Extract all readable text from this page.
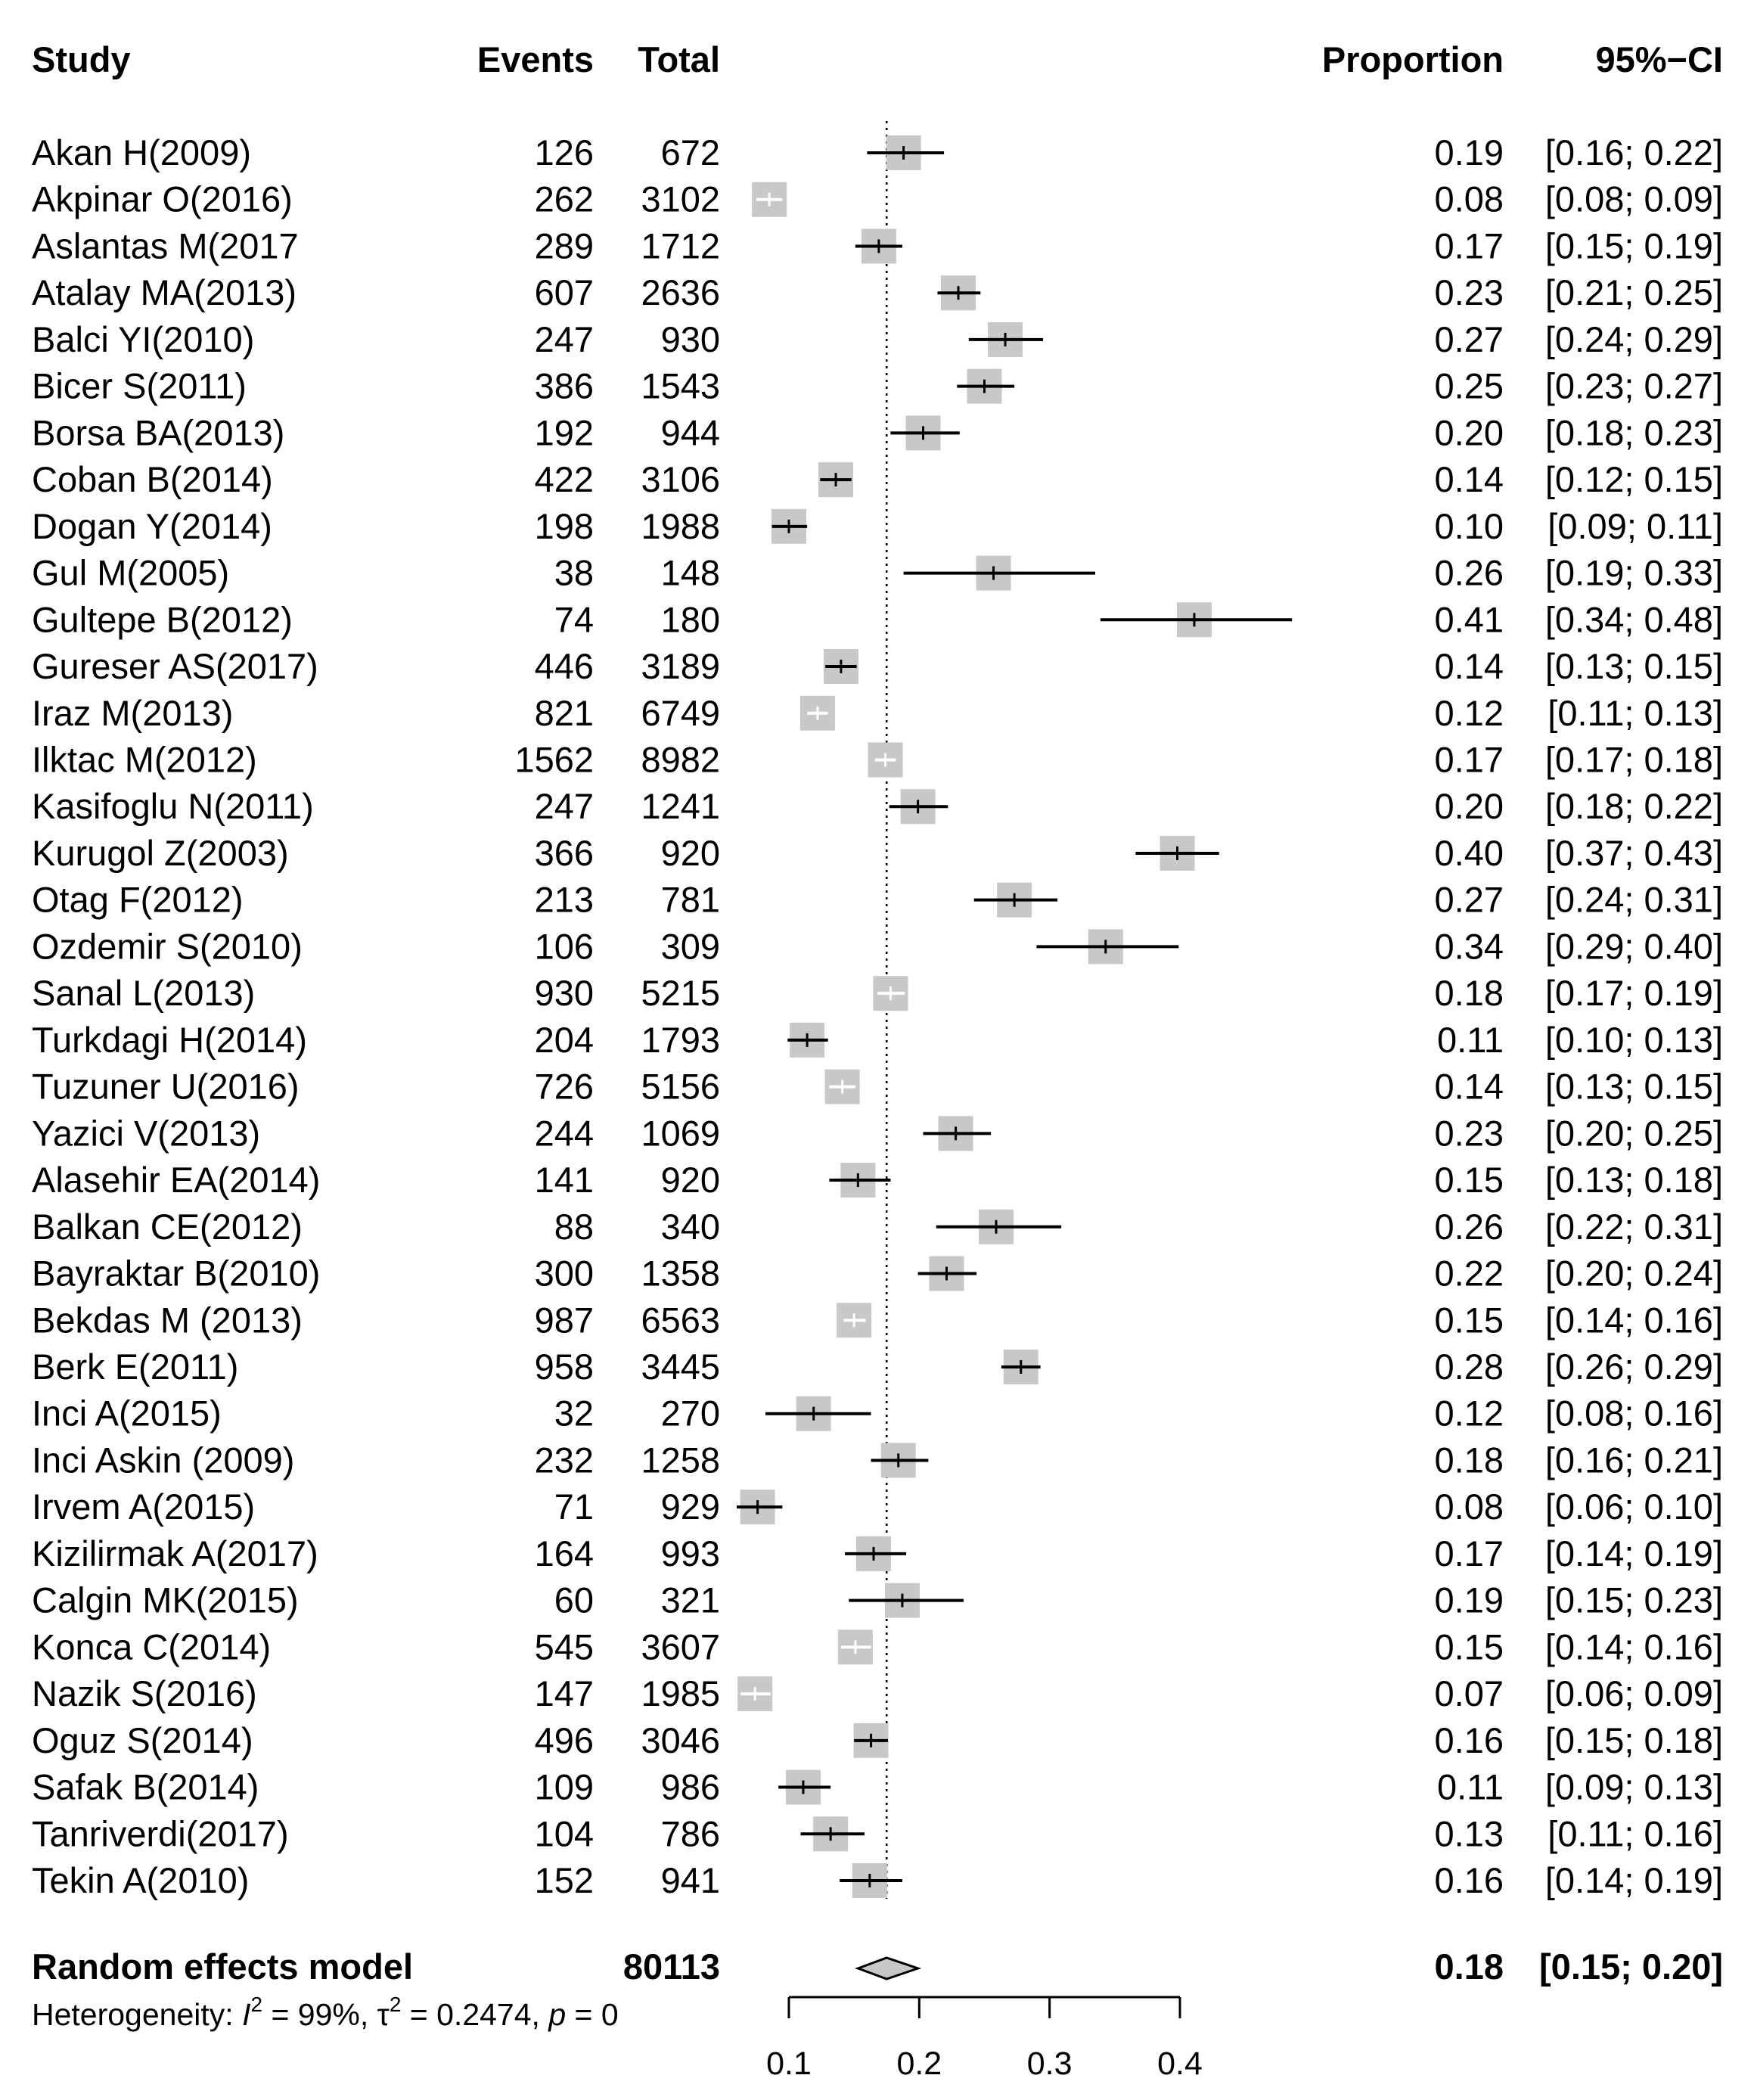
Study	Events Total	Proportion	95%−CI
Akan H(2009)	126 672	0.19 [0.16; 0.22]
Akpinar O(2016)	262 3102	0.08 [0.08; 0.09]
Aslantas M(2017	289 1712	0.17 [0.15; 0.19]
Atalay MA(2013)	607 2636	0.23 [0.21; 0.25]
Balci YI(2010)	247 930	0.27 [0.24; 0.29]
Bicer S(2011)	386 1543	0.25 [0.23; 0.27]
Borsa BA(2013)	192 944	0.20 [0.18; 0.23]
Coban B(2014)	422 3106	0.14 [0.12; 0.15]
Dogan Y(2014)	198 1988	0.10 [0.09; 0.11]
Gul M(2005)	38 148	0.26 [0.19; 0.33]
Gultepe B(2012)	74 180	0.41 [0.34; 0.48]
Gureser AS(2017)	446 3189	0.14 [0.13; 0.15]
Iraz M(2013)	821 6749	0.12 [0.11; 0.13]
Ilktac M(2012)	1562 8982	0.17 [0.17; 0.18]
Kasifoglu N(2011)	247 1241	0.20 [0.18; 0.22]
Kurugol Z(2003)	366 920	0.40 [0.37; 0.43]
Otag F(2012)	213 781	0.27 [0.24; 0.31]
Ozdemir S(2010)	106 309	0.34 [0.29; 0.40]
Sanal L(2013)	930 5215	0.18 [0.17; 0.19]
Turkdagi H(2014)	204 1793	0.11 [0.10; 0.13]
Tuzuner U(2016)	726 5156	0.14 [0.13; 0.15]
Yazici V(2013)	244 1069	0.23 [0.20; 0.25]
Alasehir EA(2014)	141 920	0.15 [0.13; 0.18]
Balkan CE(2012)	88 340	0.26 [0.22; 0.31]
Bayraktar B(2010)	300 1358	0.22 [0.20; 0.24]
Bekdas M (2013)	987 6563	0.15 [0.14; 0.16]
Berk E(2011)	958 3445	0.28 [0.26; 0.29]
Inci A(2015)	32 270	0.12 [0.08; 0.16]
Inci Askin (2009)	232 1258	0.18 [0.16; 0.21]
Irvem A(2015)	71 929	0.08 [0.06; 0.10]
Kizilirmak A(2017)	164 993	0.17 [0.14; 0.19]
Calgin MK(2015)	60 321	0.19 [0.15; 0.23]
Konca C(2014)	545 3607	0.15 [0.14; 0.16]
Nazik S(2016)	147 1985	0.07 [0.06; 0.09]
Oguz S(2014)	496 3046	0.16 [0.15; 0.18]
Safak B(2014)	109 986	0.11 [0.09; 0.13]
Tanriverdi(2017)	104 786	0.13 [0.11; 0.16]
Tekin A(2010)	152 941	0.16 [0.14; 0.19]
Random effects model	80113	0.18 [0.15; 0.20]
Heterogeneity: $I^2 = 99\%$, $\tau^2 = 0.2474$, p = 0
0.1	0.2	0.3	0.4
